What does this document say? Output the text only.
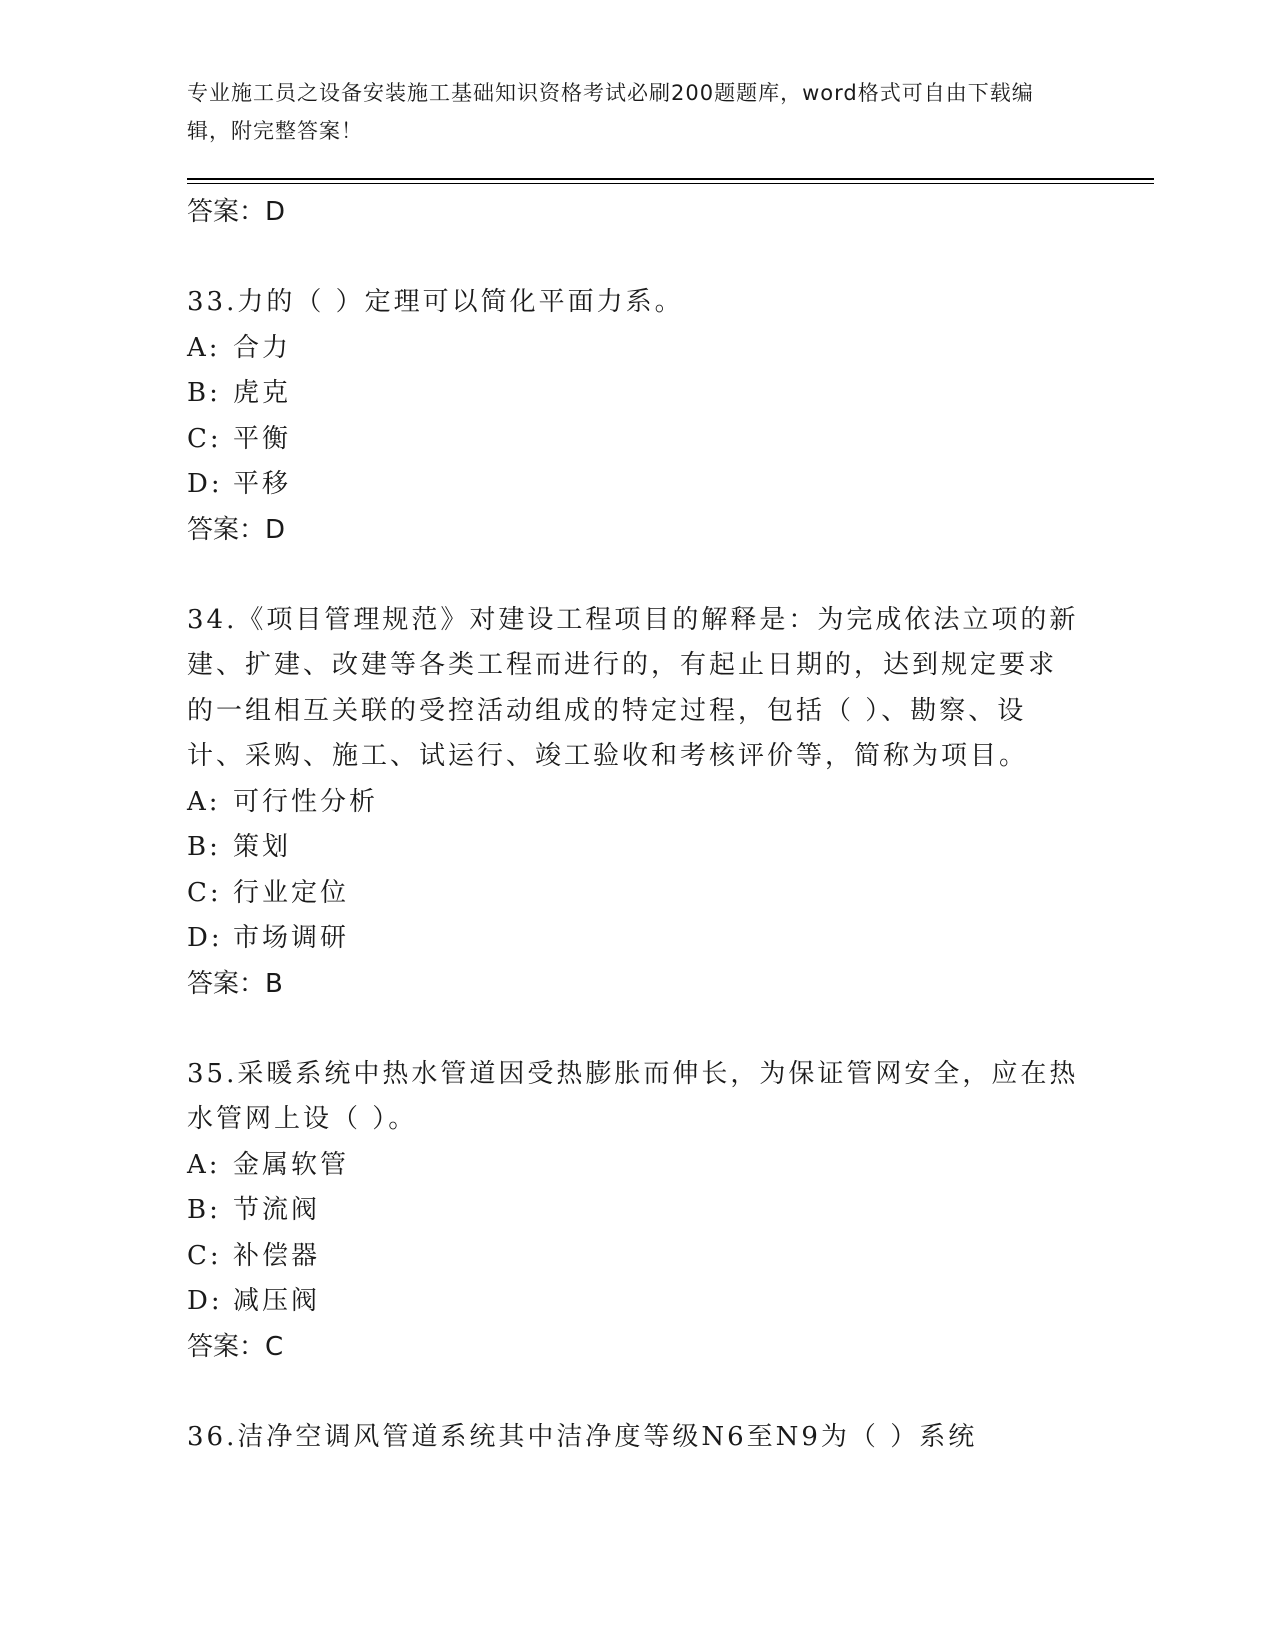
专业施工员之设备安装施工基础知识资格考试必刷200题题库，word格式可自由下载编辑，附完整答案！
答案：D
33.力的（ ）定理可以简化平面力系。
A: 合力
B: 虎克
C: 平衡
D: 平移
答案：D
34.《项目管理规范》对建设工程项目的解释是：为完成依法立项的新建、扩建、改建等各类工程而进行的，有起止日期的，达到规定要求的一组相互关联的受控活动组成的特定过程，包括（ ）、勘察、设计、采购、施工、试运行、竣工验收和考核评价等，简称为项目。
A: 可行性分析
B: 策划
C: 行业定位
D: 市场调研
答案：B
35.采暖系统中热水管道因受热膨胀而伸长，为保证管网安全，应在热水管网上设（ ）。
A: 金属软管
B: 节流阀
C: 补偿器
D: 减压阀
答案：C
36.洁净空调风管道系统其中洁净度等级N6至N9为（ ）系统
